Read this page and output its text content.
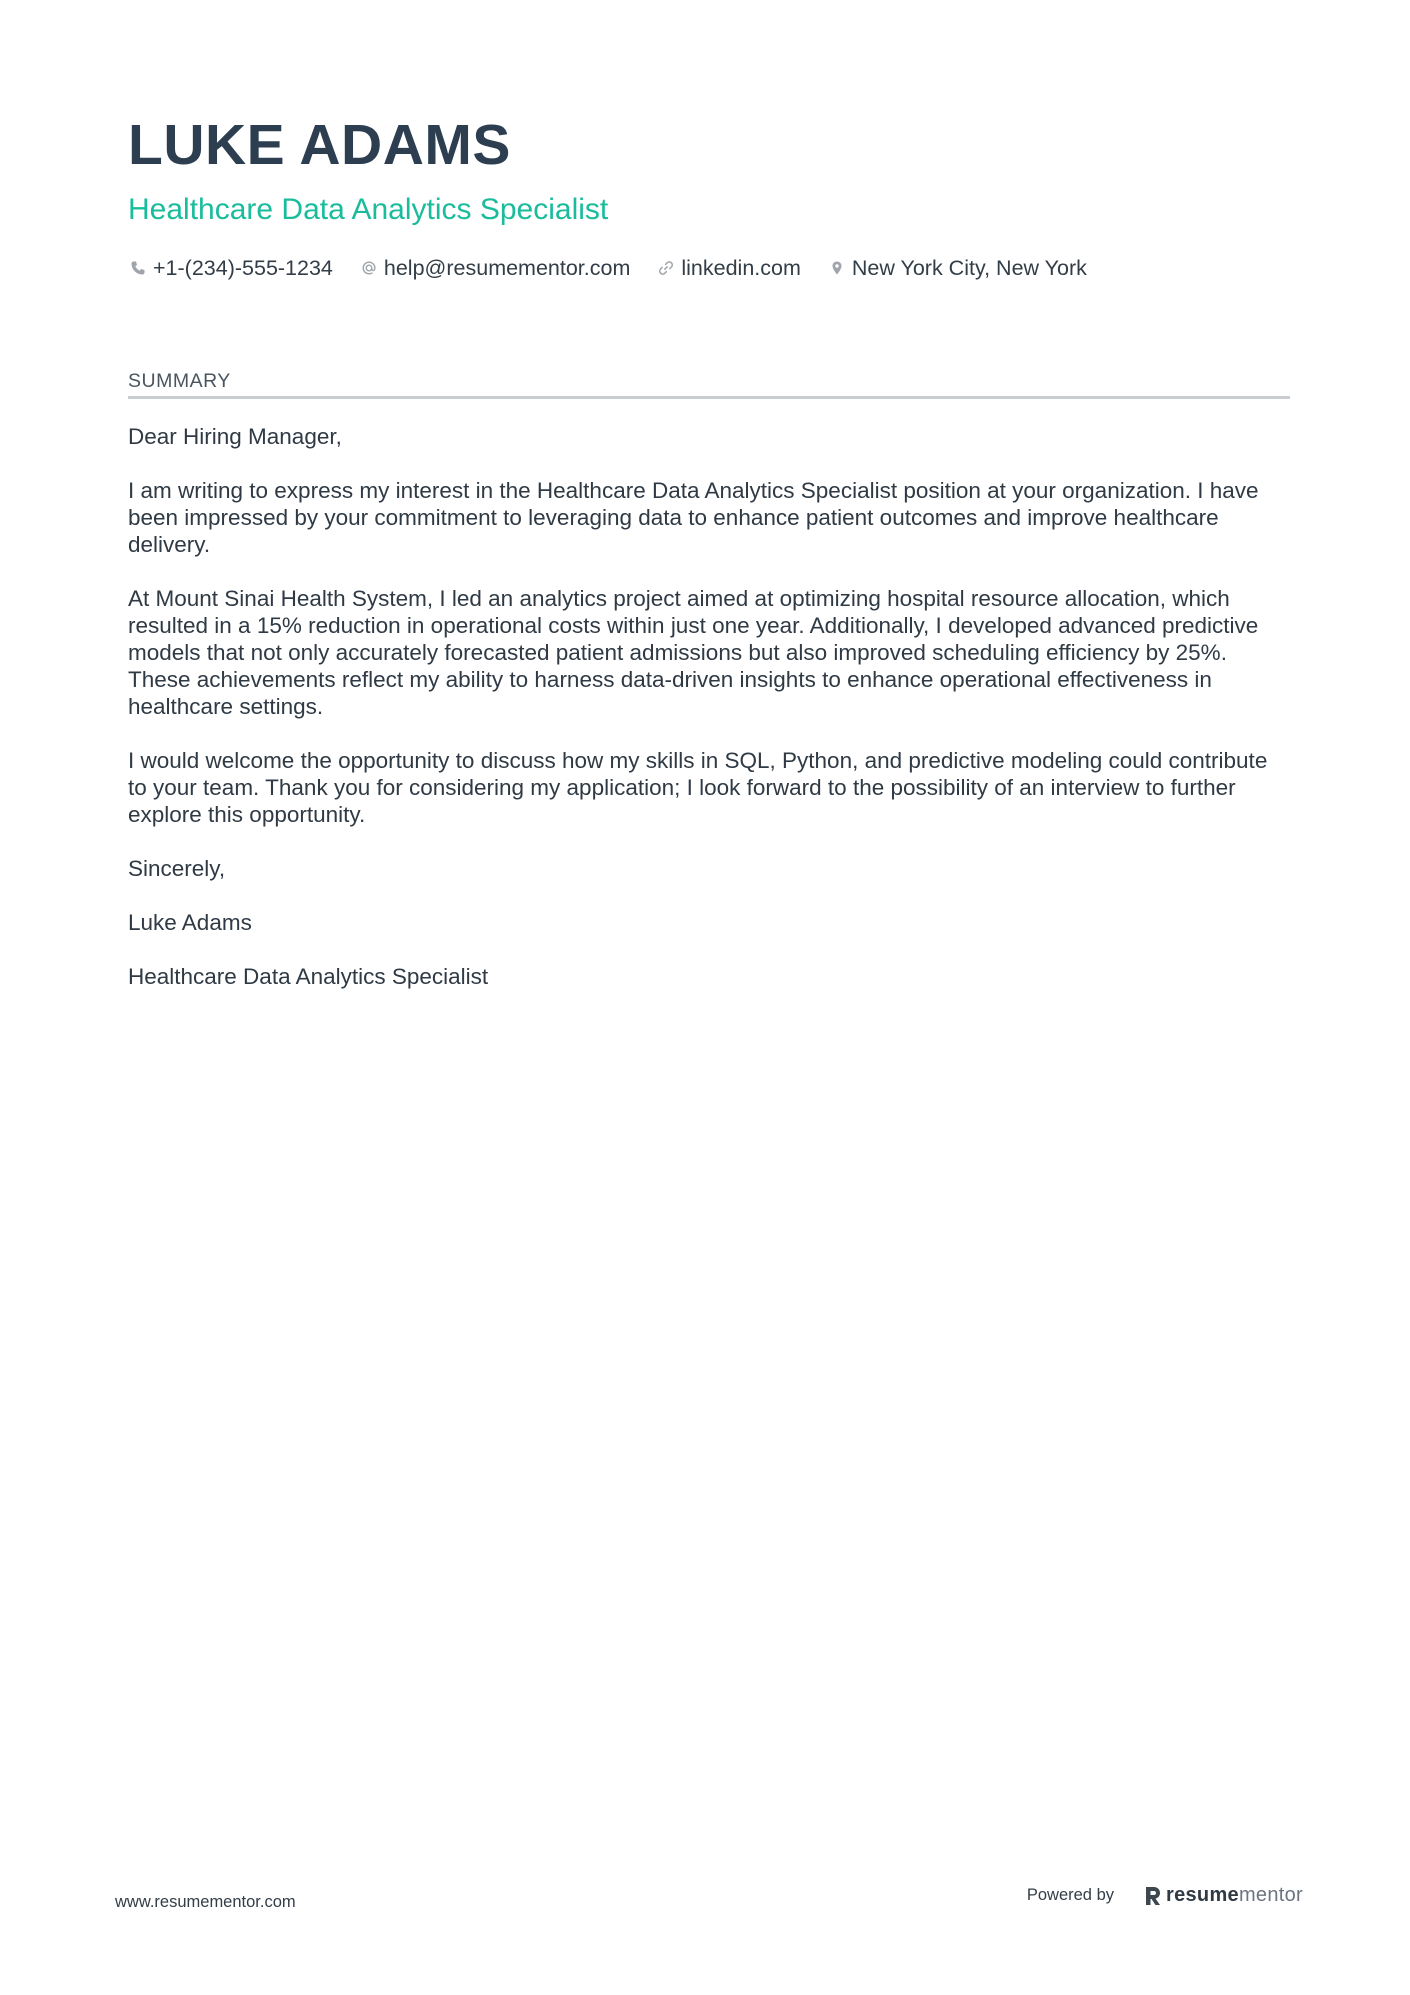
LUKE ADAMS
Healthcare Data Analytics Specialist
+1-(234)-555-1234 help@resumementor.com linkedin.com New York City, New York
SUMMARY

Dear Hiring Manager,

I am writing to express my interest in the Healthcare Data Analytics Specialist position at your organization. I have been impressed by your commitment to leveraging data to enhance patient outcomes and improve healthcare delivery.

At Mount Sinai Health System, I led an analytics project aimed at optimizing hospital resource allocation, which resulted in a 15% reduction in operational costs within just one year. Additionally, I developed advanced predictive models that not only accurately forecasted patient admissions but also improved scheduling efficiency by 25%. These achievements reflect my ability to harness data-driven insights to enhance operational effectiveness in healthcare settings.

I would welcome the opportunity to discuss how my skills in SQL, Python, and predictive modeling could contribute to your team. Thank you for considering my application; I look forward to the possibility of an interview to further explore this opportunity.

Sincerely,

Luke Adams

Healthcare Data Analytics Specialist

www.resumementor.com	Powered by	resume mentor
